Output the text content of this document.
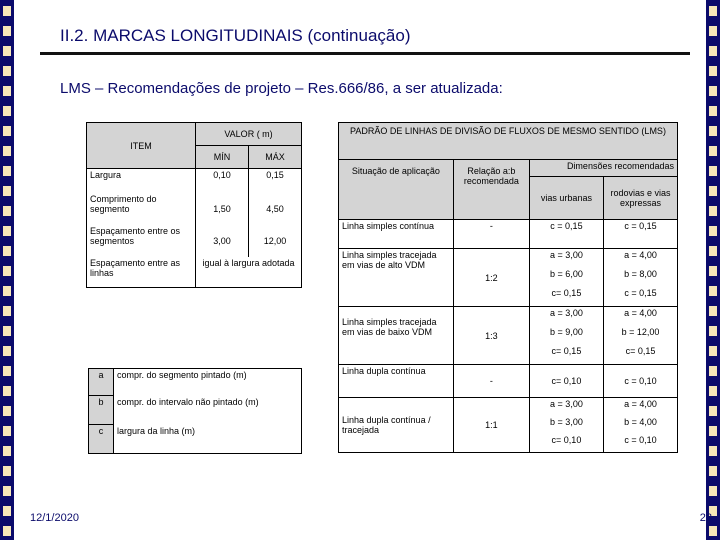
II.2. MARCAS LONGITUDINAIS (continuação)
LMS – Recomendações de projeto – Res.666/86, a ser atualizada:
ITEM	VALOR ( m)	
	MÍN	MÁX
Largura	0,10	0,15
Comprimento do segmento	1,50	4,50
Espaçamento entre os segmentos	3,00	12,00
Espaçamento entre as linhas	igual à largura adotada	
a	compr. do segmento pintado (m)
b	compr. do intervalo não pintado (m)
c	largura da linha (m)
PADRÃO DE LINHAS DE DIVISÃO DE FLUXOS DE MESMO SENTIDO (LMS)			
Situação de aplicação	Relação a:b recomendada	Dimensões recomendadas	
		vias urbanas	rodovias e vias expressas
Linha simples contínua	-	c = 0,15	c = 0,15
Linha simples tracejada em vias de alto VDM	1:2	a = 3,00	a = 4,00
		b = 6,00	b = 8,00
		c= 0,15	c = 0,15
Linha simples tracejada em vias de baixo VDM	1:3	a = 3,00	a = 4,00
		b = 9,00	b = 12,00
		c= 0,15	c= 0,15
Linha dupla contínua	-	c= 0,10	c = 0,10
Linha dupla contínua / tracejada	1:1	a = 3,00	a = 4,00
		b = 3,00	b = 4,00
		c= 0,10	c = 0,10
12/1/2020	28
